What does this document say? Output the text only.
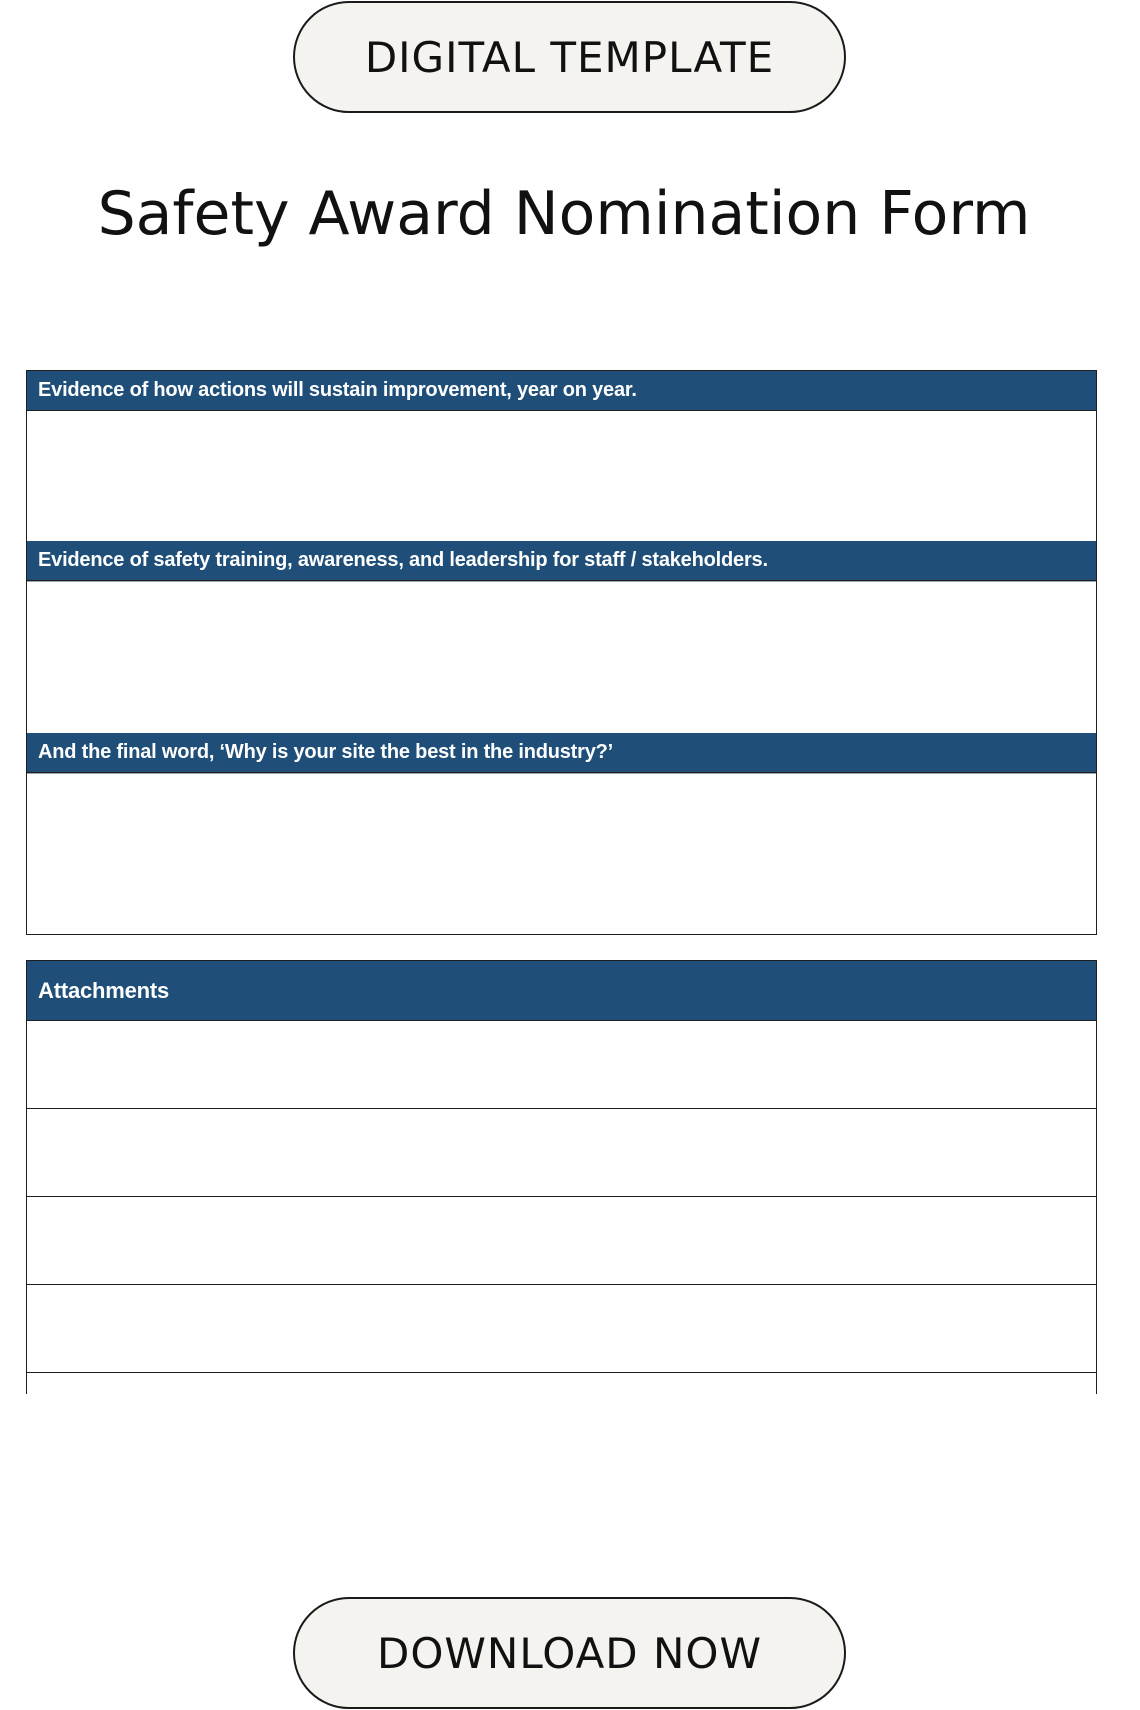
DIGITAL TEMPLATE
Safety Award Nomination Form
Evidence of how actions will sustain improvement, year on year.
Evidence of safety training, awareness, and leadership for staff / stakeholders.
And the final word, ‘Why is your site the best in the industry?’
Attachments
DOWNLOAD NOW
